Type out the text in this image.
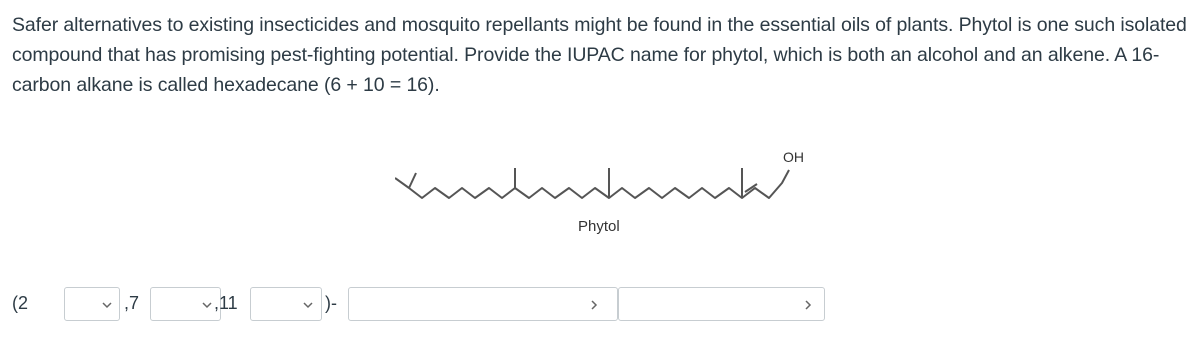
Safer alternatives to existing insecticides and mosquito repellants might be found in the essential oils of plants. Phytol is one such isolated compound that has promising pest-fighting potential. Provide the IUPAC name for phytol, which is both an alcohol and an alkene. A 16-carbon alkane is called hexadecane (6 + 10 = 16).
OH
Phytol
(2	,7	,11	)-
